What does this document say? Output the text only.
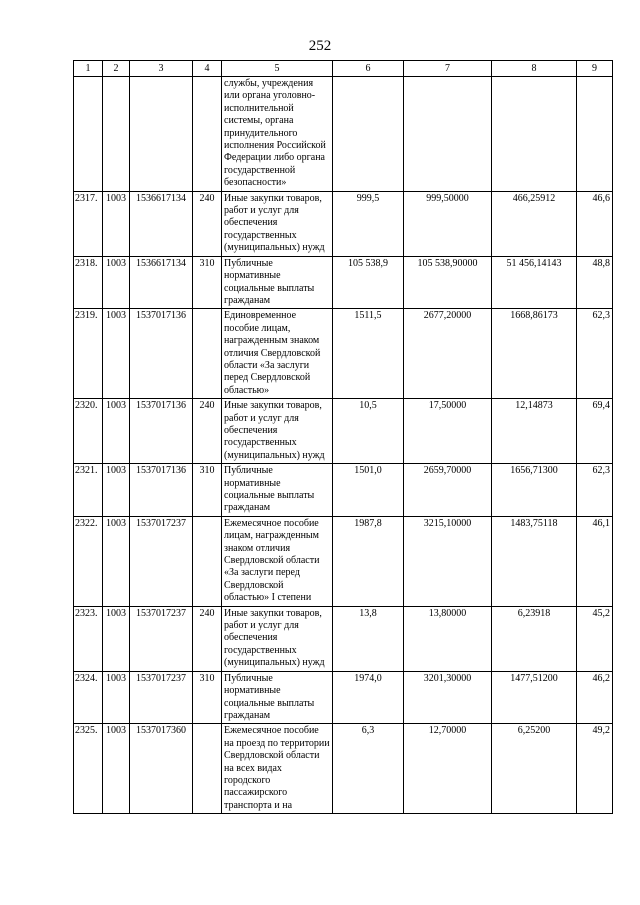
252
1	2	3	4	5	6	7	8	9
				службы, учреждения или органа уголовно-исполнительной системы, органа принудительного исполнения Российской Федерации либо органа государственной безопасности»				
2317.	1003	1536617134	240	Иные закупки товаров, работ и услуг для обеспечения государственных (муниципальных) нужд	999,5	999,50000	466,25912	46,6
2318.	1003	1536617134	310	Публичные нормативные социальные выплаты гражданам	105 538,9	105 538,90000	51 456,14143	48,8
2319.	1003	1537017136		Единовременное пособие лицам, награжденным знаком отличия Свердловской области «За заслуги перед Свердловской областью»	1511,5	2677,20000	1668,86173	62,3
2320.	1003	1537017136	240	Иные закупки товаров, работ и услуг для обеспечения государственных (муниципальных) нужд	10,5	17,50000	12,14873	69,4
2321.	1003	1537017136	310	Публичные нормативные социальные выплаты гражданам	1501,0	2659,70000	1656,71300	62,3
2322.	1003	1537017237		Ежемесячное пособие лицам, награжденным знаком отличия Свердловской области «За заслуги перед Свердловской областью» I степени	1987,8	3215,10000	1483,75118	46,1
2323.	1003	1537017237	240	Иные закупки товаров, работ и услуг для обеспечения государственных (муниципальных) нужд	13,8	13,80000	6,23918	45,2
2324.	1003	1537017237	310	Публичные нормативные социальные выплаты гражданам	1974,0	3201,30000	1477,51200	46,2
2325.	1003	1537017360		Ежемесячное пособие на проезд по территории Свердловской области на всех видах городского пассажирского транспорта и на	6,3	12,70000	6,25200	49,2
